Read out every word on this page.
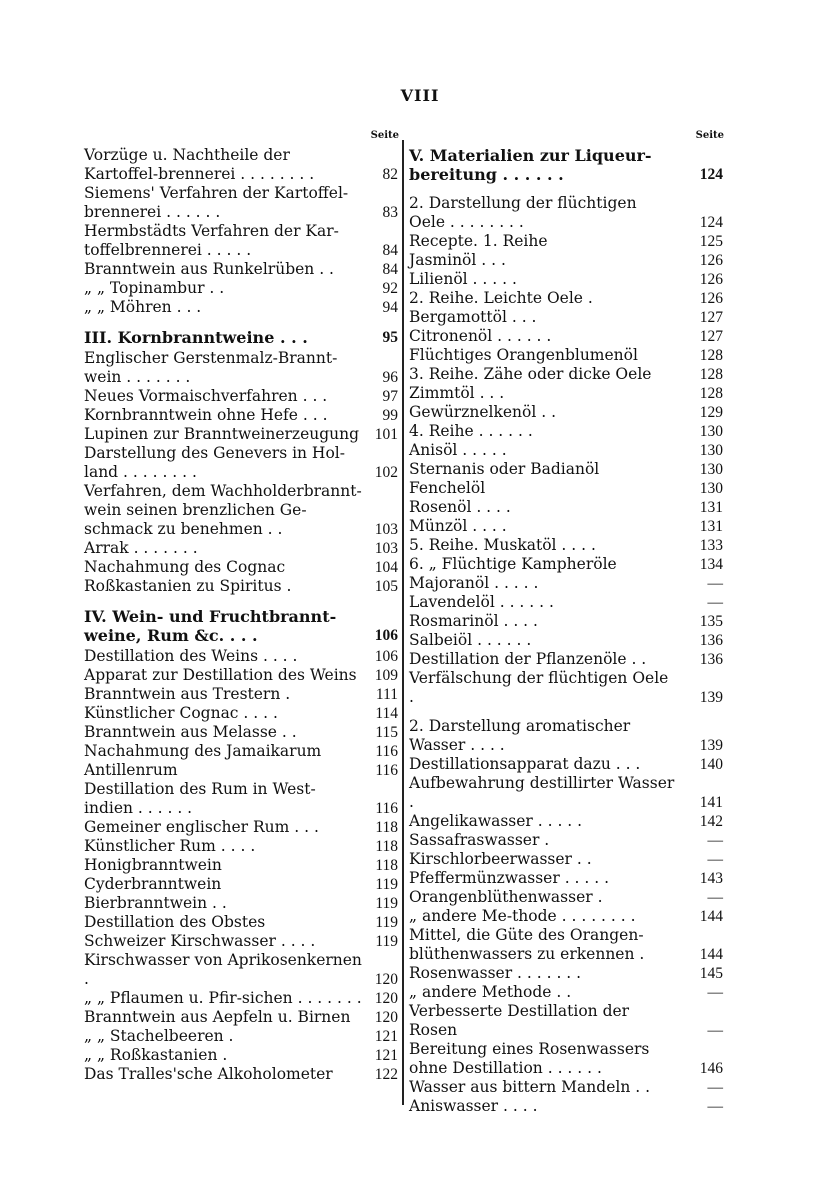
VIII
Seite
Vorzüge u. Nachtheile der Kartoffel-brennerei . . . . . . . .	82
Siemens' Verfahren der Kartoffel-brennerei . . . . . .	83
Hermbstädts Verfahren der Kar-toffelbrennerei . . . . .	84
Branntwein aus Runkelrüben . .	84
„ „ Topinambur . .	92
„ „ Möhren . . .	94
III. Kornbranntweine . . .	95
Englischer Gerstenmalz-Brannt-wein . . . . . . .	96
Neues Vormaischverfahren . . .	97
Kornbranntwein ohne Hefe . . .	99
Lupinen zur Branntweinerzeugung	101
Darstellung des Genevers in Hol-land . . . . . . . .	102
Verfahren, dem Wachholderbrannt-wein seinen brenzlichen Ge-schmack zu benehmen . .	103
Arrak . . . . . . .	103
Nachahmung des Cognac	104
Roßkastanien zu Spiritus .	105
IV. Wein- und Fruchtbrannt-weine, Rum &c. . . .	106
Destillation des Weins . . . .	106
Apparat zur Destillation des Weins	109
Branntwein aus Trestern .	111
Künstlicher Cognac . . . .	114
Branntwein aus Melasse . .	115
Nachahmung des Jamaikarum	116
Antillenrum	116
Destillation des Rum in West-indien . . . . . .	116
Gemeiner englischer Rum . . .	118
Künstlicher Rum . . . .	118
Honigbranntwein	118
Cyderbranntwein	119
Bierbranntwein . .	119
Destillation des Obstes	119
Schweizer Kirschwasser . . . .	119
Kirschwasser von Aprikosenkernen .	120
„ „ Pflaumen u. Pfir-sichen . . . . . . . 120
Branntwein aus Aepfeln u. Birnen	120
„ „ Stachelbeeren .	121
„ „ Roßkastanien .	121
Das Tralles'sche Alkoholometer	122
Seite
V. Materialien zur Liqueur-bereitung . . . . . .	124
2. Darstellung der flüchtigen Oele . . . . . . . .	124
Recepte. 1. Reihe	125
Jasminöl . . .	126
Lilienöl . . . . .	126
2. Reihe. Leichte Oele .	126
Bergamottöl . . .	127
Citronenöl . . . . . .	127
Flüchtiges Orangenblumenöl	128
3. Reihe. Zähe oder dicke Oele	128
Zimmtöl . . .	128
Gewürznelkenöl . .	129
4. Reihe . . . . . .	130
Anisöl . . . . .	130
Sternanis oder Badianöl	130
Fenchelöl	130
Rosenöl . . . .	131
Münzöl . . . .	131
5. Reihe. Muskatöl . . . .	133
6. „ Flüchtige Kampheröle	134
Majoranöl . . . . .	—
Lavendelöl . . . . . .	—
Rosmarinöl . . . .	135
Salbeiöl . . . . . .	136
Destillation der Pflanzenöle . .	136
Verfälschung der flüchtigen Oele .	139
2. Darstellung aromatischer Wasser . . . .	139
Destillationsapparat dazu . . .	140
Aufbewahrung destillirter Wasser .	141
Angelikawasser . . . . .	142
Sassafraswasser .	—
Kirschlorbeerwasser . .	—
Pfeffermünzwasser . . . . .	143
Orangenblüthenwasser .	—
„ andere Me-thode . . . . . . . .	144
Mittel, die Güte des Orangen-blüthenwassers zu erkennen .	144
Rosenwasser . . . . . . .	145
„ andere Methode . .	—
Verbesserte Destillation der Rosen	—
Bereitung eines Rosenwassers ohne Destillation . . . . . .	146
Wasser aus bittern Mandeln . .	—
Aniswasser . . . .	—
